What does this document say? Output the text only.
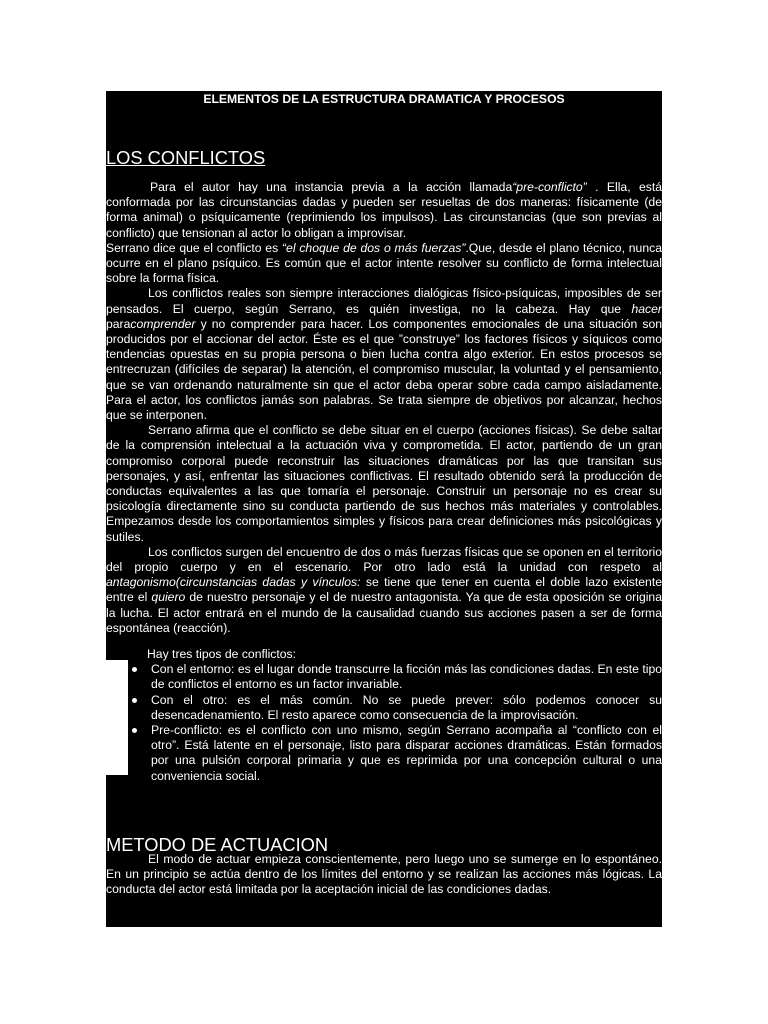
ELEMENTOS DE LA ESTRUCTURA DRAMATICA Y PROCESOS
LOS CONFLICTOS

Para el autor hay una instancia previa a la acción llamada“pre-conflicto” . Ella, está conformada por las circunstancias dadas y pueden ser resueltas de dos maneras: físicamente (de forma animal) o psíquicamente (reprimiendo los impulsos). Las circunstancias (que son previas al conflicto) que tensionan al actor lo obligan a improvisar.

Serrano dice que el conflicto es “el choque de dos o más fuerzas”.Que, desde el plano técnico, nunca ocurre en el plano psíquico. Es común que el actor intente resolver su conflicto de forma intelectual sobre la forma física.

Los conflictos reales son siempre interacciones dialógicas físico-psíquicas, imposibles de ser pensados. El cuerpo, según Serrano, es quién investiga, no la cabeza. Hay que hacer paracomprender y no comprender para hacer. Los componentes emocionales de una situación son producidos por el accionar del actor. Éste es el que ”construye” los factores físicos y síquicos como tendencias opuestas en su propia persona o bien lucha contra algo exterior. En estos procesos se entrecruzan (difíciles de separar) la atención, el compromiso muscular, la voluntad y el pensamiento, que se van ordenando naturalmente sin que el actor deba operar sobre cada campo aisladamente. Para el actor, los conflictos jamás son palabras. Se trata siempre de objetivos por alcanzar, hechos que se interponen.

Serrano afirma que el conflicto se debe situar en el cuerpo (acciones físicas). Se debe saltar de la comprensión intelectual a la actuación viva y comprometida. El actor, partiendo de un gran compromiso corporal puede reconstruir las situaciones dramáticas por las que transitan sus personajes, y así, enfrentar las situaciones conflictivas. El resultado obtenido será la producción de conductas equivalentes a las que tomaría el personaje. Construir un personaje no es crear su psicología directamente sino su conducta partiendo de sus hechos más materiales y controlables. Empezamos desde los comportamientos simples y físicos para crear definiciones más psicológicas y sutiles.

Los conflictos surgen del encuentro de dos o más fuerzas físicas que se oponen en el territorio del propio cuerpo y en el escenario. Por otro lado está la unidad con respeto al antagonismo(circunstancias dadas y vínculos: se tiene que tener en cuenta el doble lazo existente entre el quiero de nuestro personaje y el de nuestro antagonista. Ya que de esta oposición se origina la lucha. El actor entrará en el mundo de la causalidad cuando sus acciones pasen a ser de forma espontánea (reacción).

Hay tres tipos de conflictos:

Con el entorno: es el lugar donde transcurre la ficción más las condiciones dadas. En este tipo de conflictos el entorno es un factor invariable.
Con el otro: es el más común. No se puede prever: sólo podemos conocer su desencadenamiento. El resto aparece como consecuencia de la improvisación.
Pre-conflicto: es el conflicto con uno mismo, según Serrano acompaña al “conflicto con el otro”. Está latente en el personaje, listo para disparar acciones dramáticas. Están formados por una pulsión corporal primaria y que es reprimida por una concepción cultural o una conveniencia social.
METODO DE ACTUACION

El modo de actuar empieza conscientemente, pero luego uno se sumerge en lo espontáneo. En un principio se actúa dentro de los límites del entorno y se realizan las acciones más lógicas. La conducta del actor está limitada por la aceptación inicial de las condiciones dadas.
